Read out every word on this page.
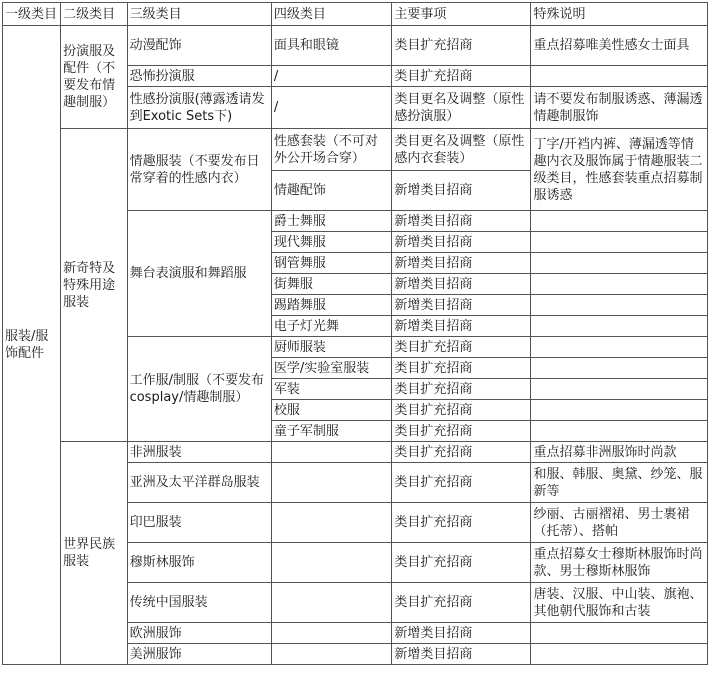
一级类目	二级类目	三级类目	四级类目	主要事项	特殊说明
服装/服饰配件	扮演服及配件（不要发布情趣制服）	动漫配饰	面具和眼镜	类目扩充招商	重点招募唯美性感女士面具
		恐怖扮演服	/	类目扩充招商	
		性感扮演服(薄露透请发到Exotic Sets下)	/	类目更名及调整（原性感扮演服）	请不要发布制服诱惑、薄漏透情趣制服饰
	新奇特及特殊用途服装	情趣服装（不要发布日常穿着的性感内衣）	性感套装（不可对外公开场合穿）	类目更名及调整（原性感内衣套装）	丁字/开裆内裤、薄漏透等情趣内衣及服饰属于情趣服装二级类目，性感套装重点招募制服诱惑
			情趣配饰	新增类目招商	
		舞台表演服和舞蹈服	爵士舞服	新增类目招商	
			现代舞服	新增类目招商	
			钢管舞服	新增类目招商	
			街舞服	新增类目招商	
			踢踏舞服	新增类目招商	
			电子灯光舞	新增类目招商	
		工作服/制服（不要发布cosplay/情趣制服）	厨师服装	类目扩充招商	
			医学/实验室服装	类目扩充招商	
			军装	类目扩充招商	
			校服	类目扩充招商	
			童子军制服	类目扩充招商	
	世界民族服装	非洲服装		类目扩充招商	重点招募非洲服饰时尚款
		亚洲及太平洋群岛服装		类目扩充招商	和服、韩服、奥黛、纱笼、服新等
		印巴服装		类目扩充招商	纱丽、古丽褶裙、男士裹裙（托蒂）、搭帕
		穆斯林服饰		类目扩充招商	重点招募女士穆斯林服饰时尚款、男士穆斯林服饰
		传统中国服装		类目扩充招商	唐装、汉服、中山装、旗袍、其他朝代服饰和古装
		欧洲服饰		新增类目招商	
		美洲服饰		新增类目招商	
